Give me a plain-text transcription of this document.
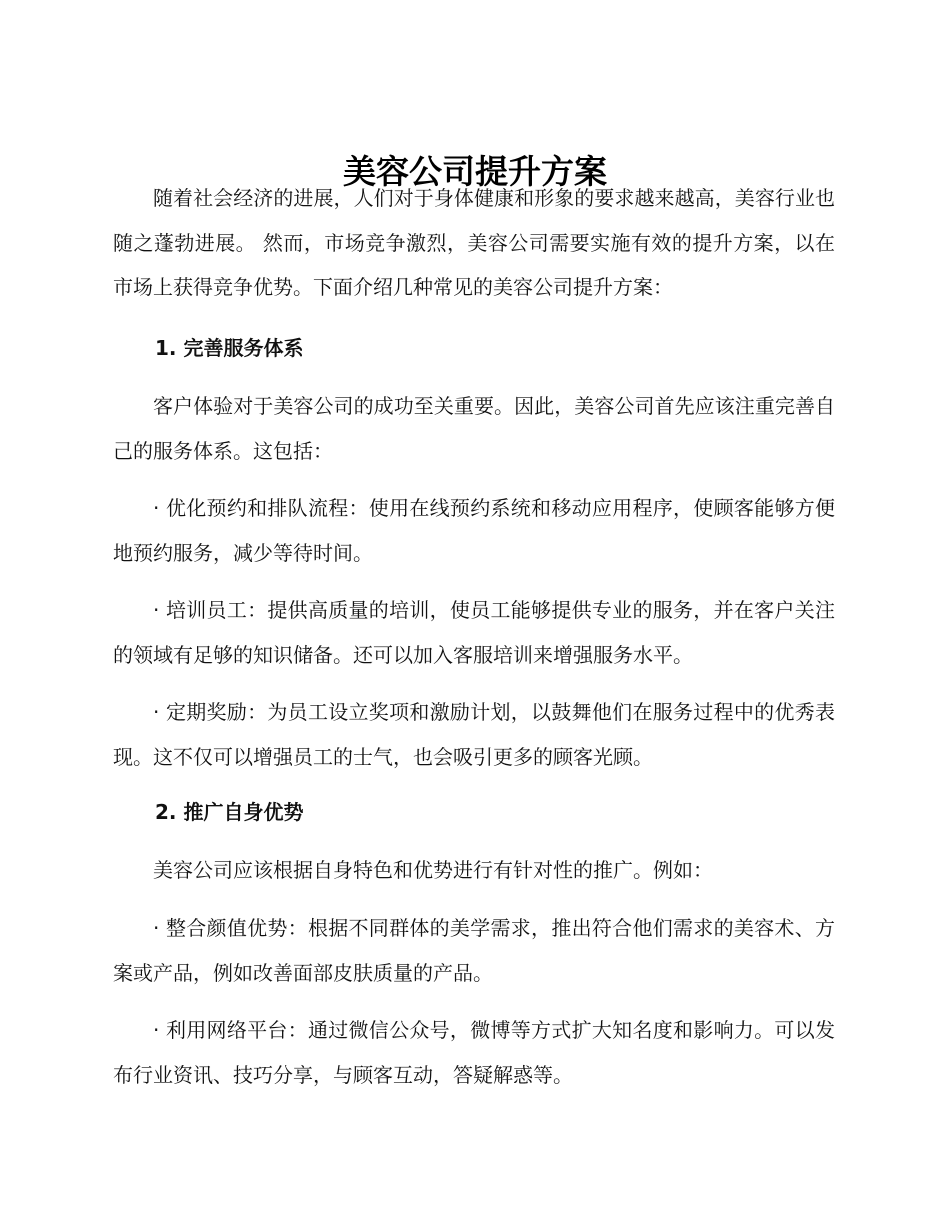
美容公司提升方案

随着社会经济的进展，人们对于身体健康和形象的要求越来越高，美容行业也随之蓬勃进展。 然而，市场竞争激烈，美容公司需要实施有效的提升方案，以在市场上获得竞争优势。下面介绍几种常见的美容公司提升方案：

1. 完善服务体系

客户体验对于美容公司的成功至关重要。因此，美容公司首先应该注重完善自己的服务体系。这包括：

· 优化预约和排队流程：使用在线预约系统和移动应用程序，使顾客能够方便地预约服务，减少等待时间。

· 培训员工：提供高质量的培训，使员工能够提供专业的服务，并在客户关注的领域有足够的知识储备。还可以加入客服培训来增强服务水平。

· 定期奖励：为员工设立奖项和激励计划，以鼓舞他们在服务过程中的优秀表现。这不仅可以增强员工的士气，也会吸引更多的顾客光顾。

2. 推广自身优势

美容公司应该根据自身特色和优势进行有针对性的推广。例如：

· 整合颜值优势：根据不同群体的美学需求，推出符合他们需求的美容术、方案或产品，例如改善面部皮肤质量的产品。

· 利用网络平台：通过微信公众号，微博等方式扩大知名度和影响力。可以发布行业资讯、技巧分享，与顾客互动，答疑解惑等。
